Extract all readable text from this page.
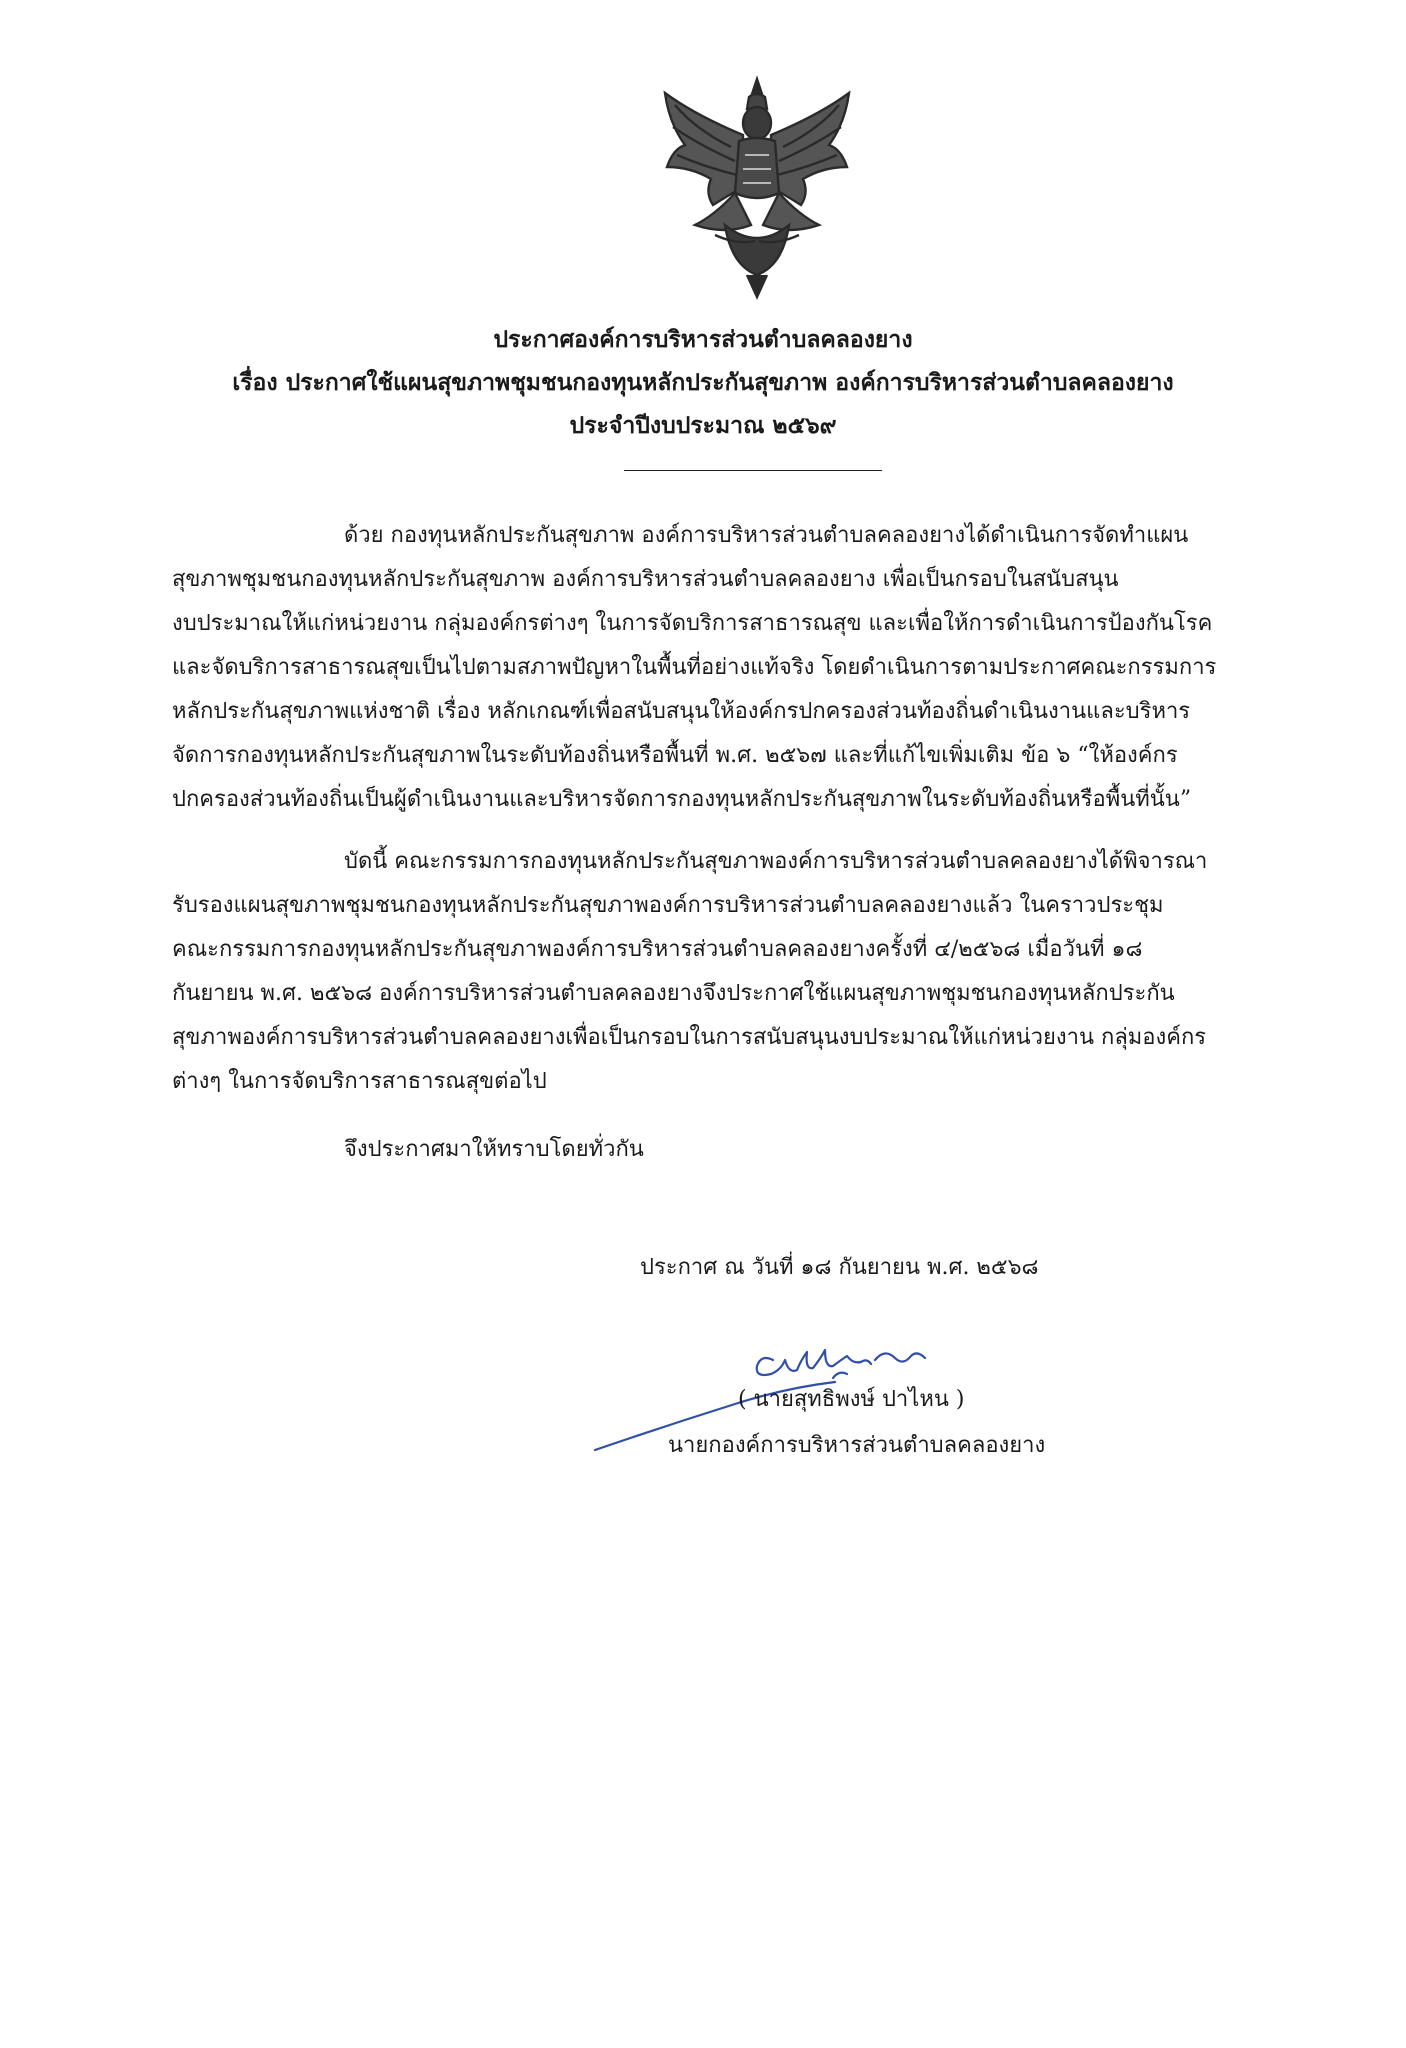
ประกาศองค์การบริหารส่วนตำบลคลองยาง
เรื่อง ประกาศใช้แผนสุขภาพชุมชนกองทุนหลักประกันสุขภาพ องค์การบริหารส่วนตำบลคลองยาง
ประจำปีงบประมาณ ๒๕๖๙
ด้วย กองทุนหลักประกันสุขภาพ องค์การบริหารส่วนตำบลคลองยางได้ดำเนินการจัดทำแผน
สุขภาพชุมชนกองทุนหลักประกันสุขภาพ องค์การบริหารส่วนตำบลคลองยาง เพื่อเป็นกรอบในสนับสนุน
งบประมาณให้แก่หน่วยงาน กลุ่มองค์กรต่างๆ ในการจัดบริการสาธารณสุข และเพื่อให้การดำเนินการป้องกันโรค
และจัดบริการสาธารณสุขเป็นไปตามสภาพปัญหาในพื้นที่อย่างแท้จริง โดยดำเนินการตามประกาศคณะกรรมการ
หลักประกันสุขภาพแห่งชาติ เรื่อง หลักเกณฑ์เพื่อสนับสนุนให้องค์กรปกครองส่วนท้องถิ่นดำเนินงานและบริหาร
จัดการกองทุนหลักประกันสุขภาพในระดับท้องถิ่นหรือพื้นที่ พ.ศ. ๒๕๖๗ และที่แก้ไขเพิ่มเติม ข้อ ๖ “ให้องค์กร
ปกครองส่วนท้องถิ่นเป็นผู้ดำเนินงานและบริหารจัดการกองทุนหลักประกันสุขภาพในระดับท้องถิ่นหรือพื้นที่นั้น”
บัดนี้ คณะกรรมการกองทุนหลักประกันสุขภาพองค์การบริหารส่วนตำบลคลองยางได้พิจารณา
รับรองแผนสุขภาพชุมชนกองทุนหลักประกันสุขภาพองค์การบริหารส่วนตำบลคลองยางแล้ว ในคราวประชุม
คณะกรรมการกองทุนหลักประกันสุขภาพองค์การบริหารส่วนตำบลคลองยางครั้งที่ ๔/๒๕๖๘ เมื่อวันที่ ๑๘
กันยายน พ.ศ. ๒๕๖๘ องค์การบริหารส่วนตำบลคลองยางจึงประกาศใช้แผนสุขภาพชุมชนกองทุนหลักประกัน
สุขภาพองค์การบริหารส่วนตำบลคลองยางเพื่อเป็นกรอบในการสนับสนุนงบประมาณให้แก่หน่วยงาน กลุ่มองค์กร
ต่างๆ ในการจัดบริการสาธารณสุขต่อไป
จึงประกาศมาให้ทราบโดยทั่วกัน
ประกาศ ณ วันที่ ๑๘ กันยายน พ.ศ. ๒๕๖๘
( นายสุทธิพงษ์ ปาไหน )
นายกองค์การบริหารส่วนตำบลคลองยาง
